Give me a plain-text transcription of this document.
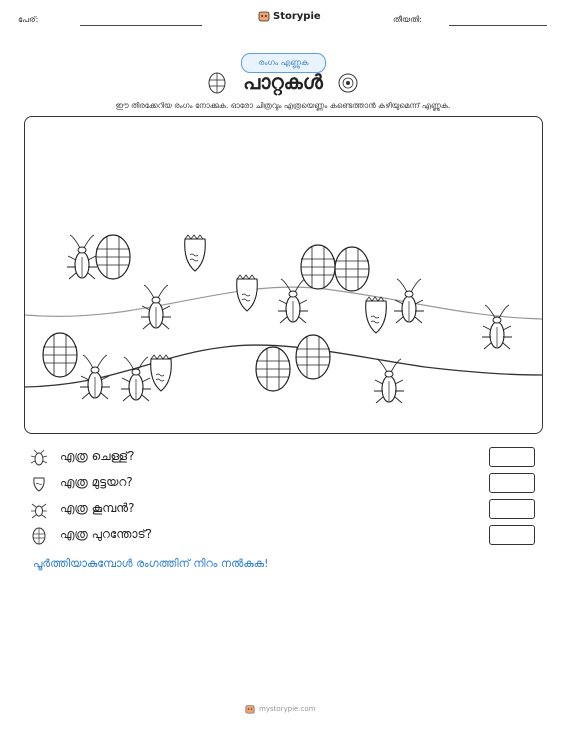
പേര്:	Storypie	തീയതി:
രംഗം എണ്ണുക
പാറ്റകൾ
ഈ തിരക്കേറിയ രംഗം നോക്കുക. ഓരോ ചിത്രവും എത്രയെണ്ണം കണ്ടെത്താൻ കഴിയുമെന്ന് എണ്ണുക.
എത്ര ചെള്ള്?
എത്ര മുട്ടയറ?
എത്ര കൂമ്പൻ?
എത്ര പുറന്തോട്?
പൂർത്തിയാകുമ്പോൾ രംഗത്തിന് നിറം നൽകുക!
mystorypie.com
